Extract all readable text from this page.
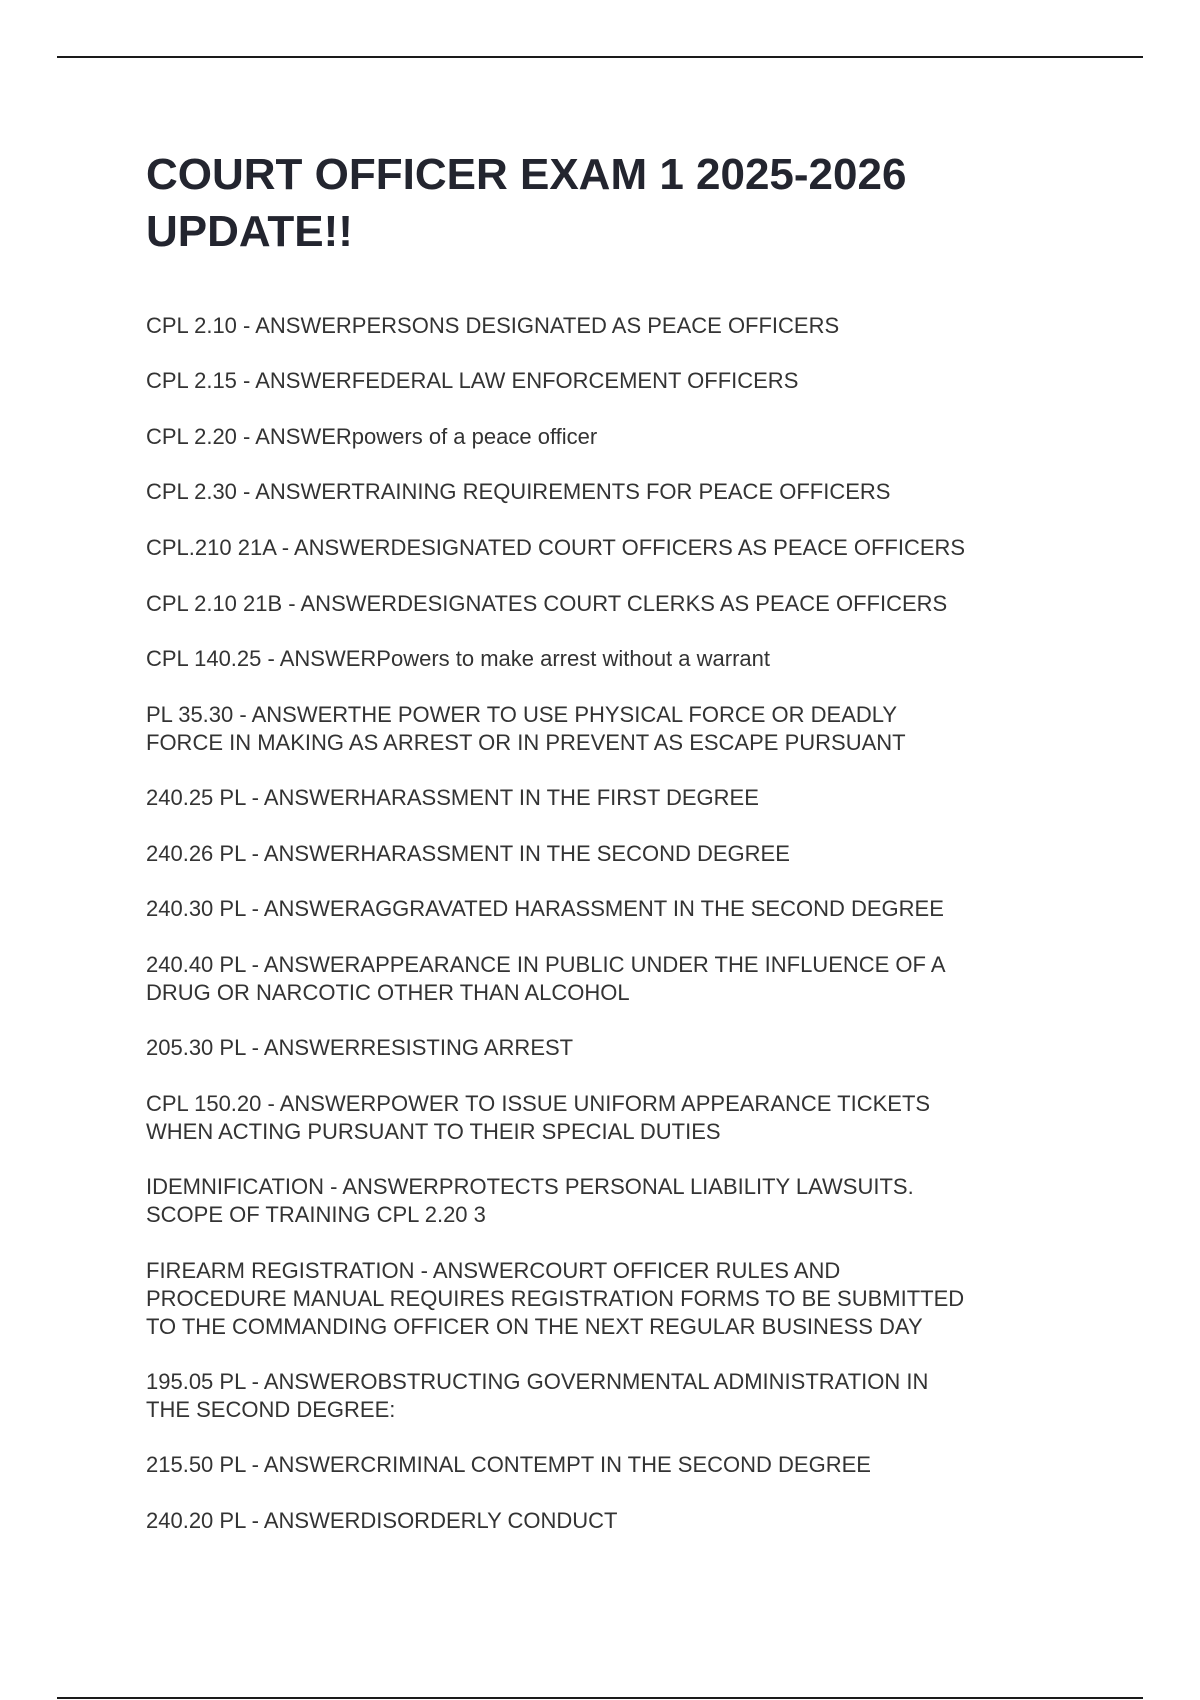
COURT OFFICER EXAM 1 2025-2026 UPDATE!!
CPL 2.10 - ANSWERPERSONS DESIGNATED AS PEACE OFFICERS
CPL 2.15 - ANSWERFEDERAL LAW ENFORCEMENT OFFICERS
CPL 2.20 - ANSWERpowers of a peace officer
CPL 2.30 - ANSWERTRAINING REQUIREMENTS FOR PEACE OFFICERS
CPL.210 21A - ANSWERDESIGNATED COURT OFFICERS AS PEACE OFFICERS
CPL 2.10 21B - ANSWERDESIGNATES COURT CLERKS AS PEACE OFFICERS
CPL 140.25 - ANSWERPowers to make arrest without a warrant
PL 35.30 - ANSWERTHE POWER TO USE PHYSICAL FORCE OR DEADLY
FORCE IN MAKING AS ARREST OR IN PREVENT AS ESCAPE PURSUANT
240.25 PL - ANSWERHARASSMENT IN THE FIRST DEGREE
240.26 PL - ANSWERHARASSMENT IN THE SECOND DEGREE
240.30 PL - ANSWERAGGRAVATED HARASSMENT IN THE SECOND DEGREE
240.40 PL - ANSWERAPPEARANCE IN PUBLIC UNDER THE INFLUENCE OF A
DRUG OR NARCOTIC OTHER THAN ALCOHOL
205.30 PL - ANSWERRESISTING ARREST
CPL 150.20 - ANSWERPOWER TO ISSUE UNIFORM APPEARANCE TICKETS
WHEN ACTING PURSUANT TO THEIR SPECIAL DUTIES
IDEMNIFICATION - ANSWERPROTECTS PERSONAL LIABILITY LAWSUITS.
SCOPE OF TRAINING CPL 2.20 3
FIREARM REGISTRATION - ANSWERCOURT OFFICER RULES AND
PROCEDURE MANUAL REQUIRES REGISTRATION FORMS TO BE SUBMITTED
TO THE COMMANDING OFFICER ON THE NEXT REGULAR BUSINESS DAY
195.05 PL - ANSWEROBSTRUCTING GOVERNMENTAL ADMINISTRATION IN
THE SECOND DEGREE:
215.50 PL - ANSWERCRIMINAL CONTEMPT IN THE SECOND DEGREE
240.20 PL - ANSWERDISORDERLY CONDUCT
